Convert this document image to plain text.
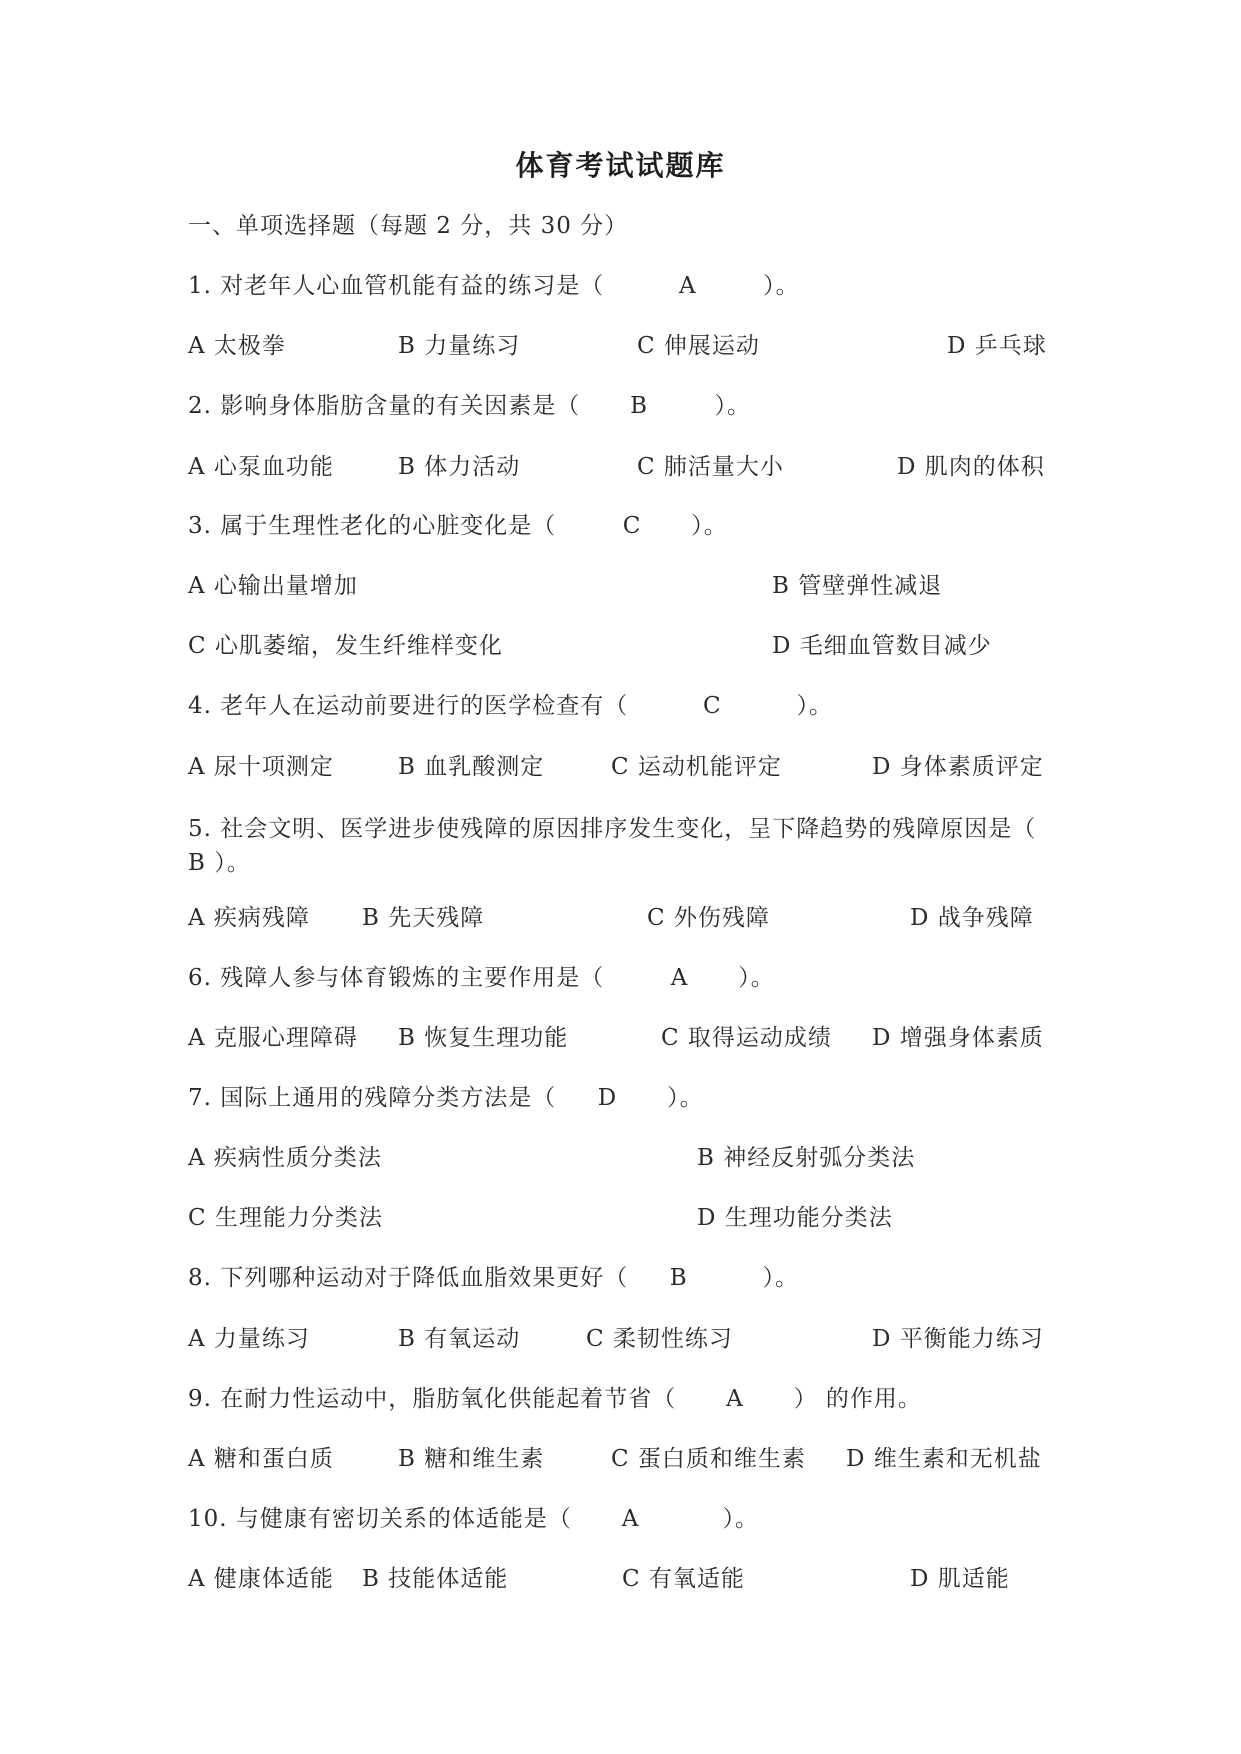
体育考试试题库
一、单项选择题（每题 2 分，共 30 分）
1. 对老年人心血管机能有益的练习是（         A        ）。
A 太极拳	B 力量练习	C 伸展运动	D 乒乓球
2. 影响身体脂肪含量的有关因素是（      B        ）。
A 心泵血功能	B 体力活动	C 肺活量大小	D 肌肉的体积
3. 属于生理性老化的心脏变化是（        C      ）。
A 心输出量增加	B 管壁弹性减退
C 心肌萎缩，发生纤维样变化	D 毛细血管数目减少
4. 老年人在运动前要进行的医学检查有（         C         ）。
A 尿十项测定	B 血乳酸测定	C 运动机能评定	D 身体素质评定
5. 社会文明、医学进步使残障的原因排序发生变化，呈下降趋势的残障原因是（ B ）。
A 疾病残障 B 先天残障	C 外伤残障	D 战争残障
6. 残障人参与体育锻炼的主要作用是（        A      ）。
A 克服心理障碍 B 恢复生理功能	C 取得运动成绩 D 增强身体素质
7. 国际上通用的残障分类方法是（     D      ）。
A 疾病性质分类法	B 神经反射弧分类法
C 生理能力分类法	D 生理功能分类法
8. 下列哪种运动对于降低血脂效果更好（     B         ）。
A 力量练习	B 有氧运动	C 柔韧性练习	D 平衡能力练习
9. 在耐力性运动中，脂肪氧化供能起着节省（      A      ） 的作用。
A 糖和蛋白质	B 糖和维生素	C 蛋白质和维生素 D 维生素和无机盐
10. 与健康有密切关系的体适能是（      A          ）。
A 健康体适能 B 技能体适能	C 有氧适能	D 肌适能
